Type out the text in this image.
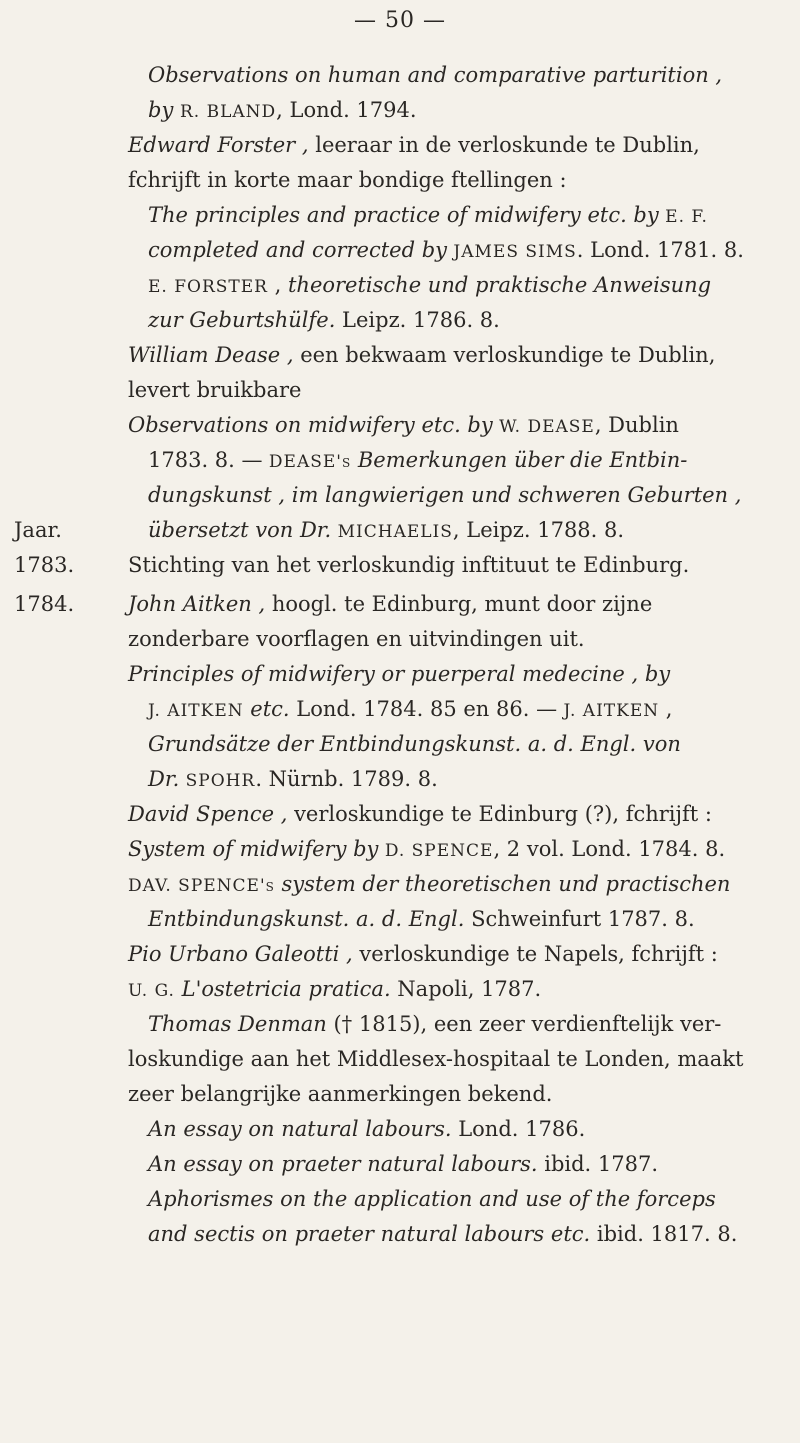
— 50 —
Observations on human and comparative parturition ,
by R. BLAND, Lond. 1794.
Edward Forster , leeraar in de verloskunde te Dublin,
fchrijft in korte maar bondige ftellingen :
The principles and practice of midwifery etc. by E. F.
completed and corrected by JAMES SIMS. Lond. 1781. 8.
E. FORSTER , theoretische und praktische Anweisung
zur Geburtshülfe. Leipz. 1786. 8.
William Dease , een bekwaam verloskundige te Dublin,
levert bruikbare
Observations on midwifery etc. by W. DEASE, Dublin
1783. 8. — DEASE's Bemerkungen über die Entbin-
dungskunst , im langwierigen und schweren Geburten ,
Jaar.	übersetzt von Dr. MICHAELIS, Leipz. 1788. 8.
1783.	Stichting van het verloskundig inftituut te Edinburg.
1784.	John Aitken , hoogl. te Edinburg, munt door zijne
zonderbare voorflagen en uitvindingen uit.
Principles of midwifery or puerperal medecine , by
J. AITKEN etc. Lond. 1784. 85 en 86. — J. AITKEN ,
Grundsätze der Entbindungskunst. a. d. Engl. von
Dr. SPOHR. Nürnb. 1789. 8.
David Spence , verloskundige te Edinburg (?), fchrijft :
System of midwifery by D. SPENCE, 2 vol. Lond. 1784. 8.
DAV. SPENCE's system der theoretischen und practischen
Entbindungskunst. a. d. Engl. Schweinfurt 1787. 8.
Pio Urbano Galeotti , verloskundige te Napels, fchrijft :
U. G. L'ostetricia pratica. Napoli, 1787.
Thomas Denman († 1815), een zeer verdienftelijk ver-
loskundige aan het Middlesex-hospitaal te Londen, maakt
zeer belangrijke aanmerkingen bekend.
An essay on natural labours. Lond. 1786.
An essay on praeter natural labours. ibid. 1787.
Aphorismes on the application and use of the forceps
and sectis on praeter natural labours etc. ibid. 1817. 8.
